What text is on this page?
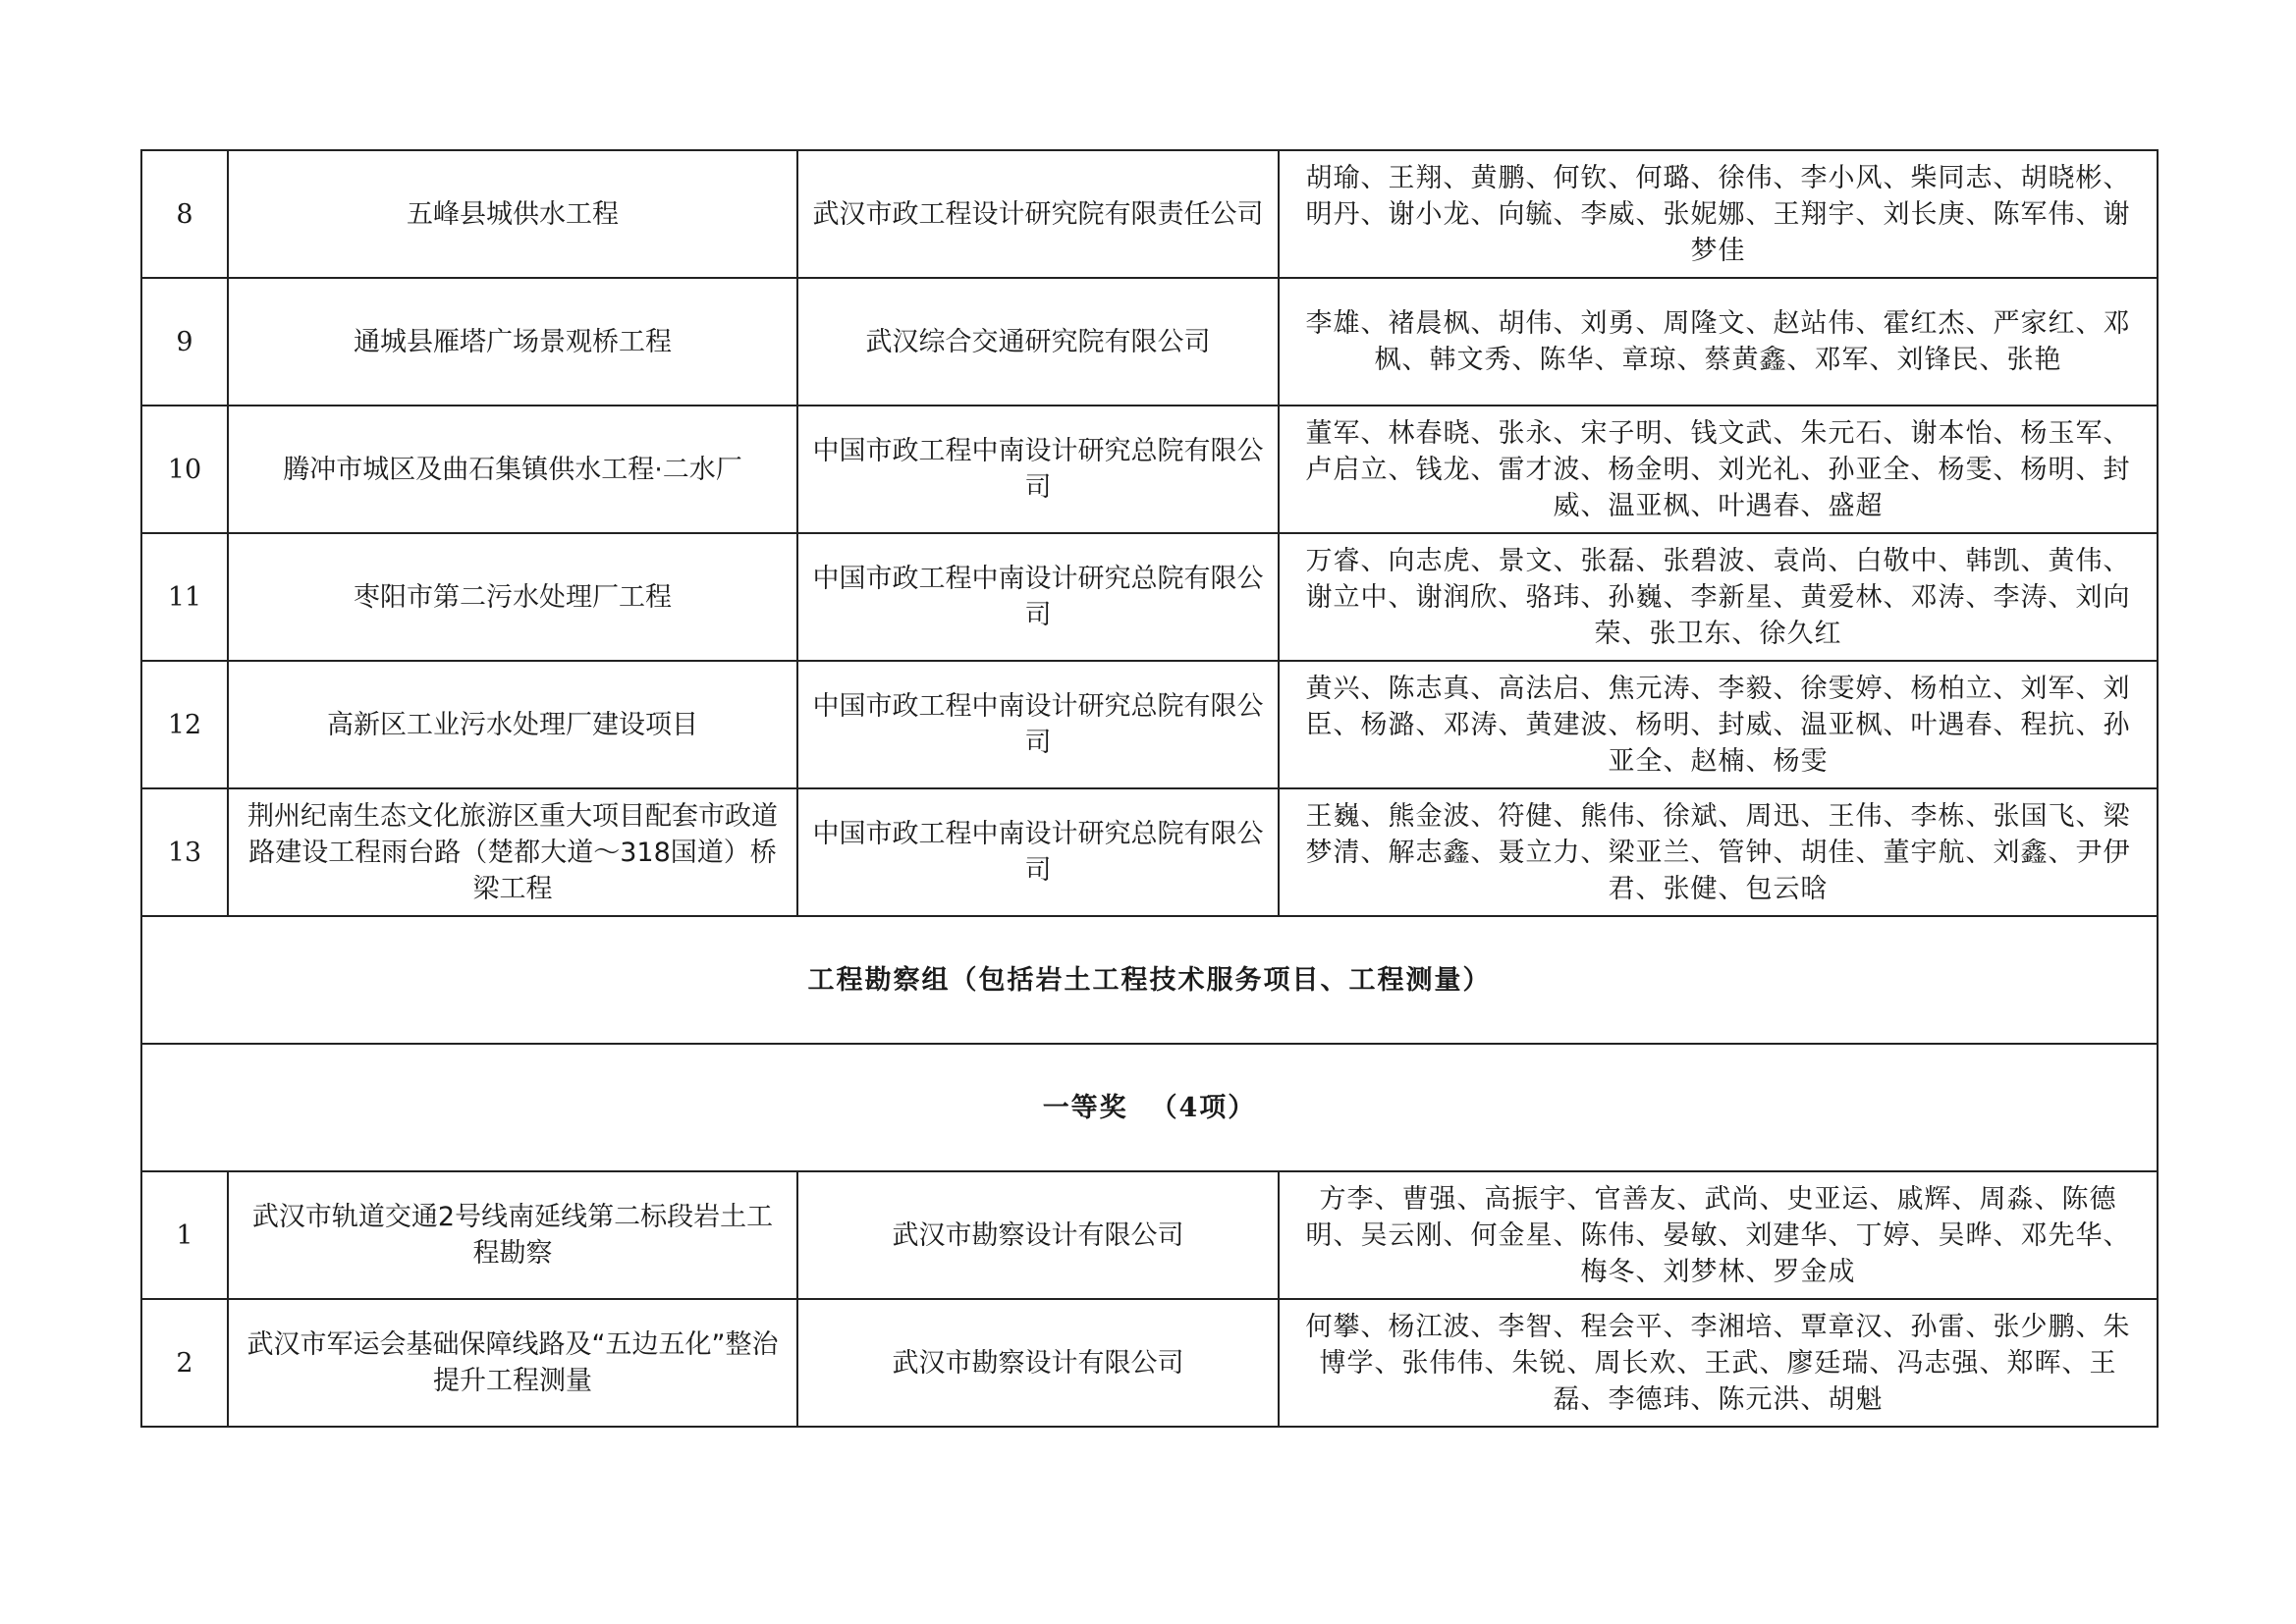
8	五峰县城供水工程	武汉市政工程设计研究院有限责任公司	胡瑜、王翔、黄鹏、何钦、何璐、徐伟、李小风、柴同志、胡晓彬、明丹、谢小龙、向毓、李威、张妮娜、王翔宇、刘长庚、陈军伟、谢梦佳
9	通城县雁塔广场景观桥工程	武汉综合交通研究院有限公司	李雄、褚晨枫、胡伟、刘勇、周隆文、赵站伟、霍红杰、严家红、邓枫、韩文秀、陈华、章琼、蔡黄鑫、邓军、刘锋民、张艳
10	腾冲市城区及曲石集镇供水工程·二水厂	中国市政工程中南设计研究总院有限公司	董军、林春晓、张永、宋子明、钱文武、朱元石、谢本怡、杨玉军、卢启立、钱龙、雷才波、杨金明、刘光礼、孙亚全、杨雯、杨明、封威、温亚枫、叶遇春、盛超
11	枣阳市第二污水处理厂工程	中国市政工程中南设计研究总院有限公司	万睿、向志虎、景文、张磊、张碧波、袁尚、白敬中、韩凯、黄伟、谢立中、谢润欣、骆玮、孙巍、李新星、黄爱林、邓涛、李涛、刘向荣、张卫东、徐久红
12	高新区工业污水处理厂建设项目	中国市政工程中南设计研究总院有限公司	黄兴、陈志真、高法启、焦元涛、李毅、徐雯婷、杨柏立、刘军、刘臣、杨潞、邓涛、黄建波、杨明、封威、温亚枫、叶遇春、程抗、孙亚全、赵楠、杨雯
13	荆州纪南生态文化旅游区重大项目配套市政道路建设工程雨台路（楚都大道～318国道）桥梁工程	中国市政工程中南设计研究总院有限公司	王巍、熊金波、符健、熊伟、徐斌、周迅、王伟、李栋、张国飞、梁梦清、解志鑫、聂立力、梁亚兰、管钟、胡佳、董宇航、刘鑫、尹伊君、张健、包云晗
工程勘察组（包括岩土工程技术服务项目、工程测量）			
一等奖 （4项）			
1	武汉市轨道交通2号线南延线第二标段岩土工程勘察	武汉市勘察设计有限公司	方李、曹强、高振宇、官善友、武尚、史亚运、戚辉、周淼、陈德明、吴云刚、何金星、陈伟、晏敏、刘建华、丁婷、吴晔、邓先华、梅冬、刘梦林、罗金成
2	武汉市军运会基础保障线路及“五边五化”整治提升工程测量	武汉市勘察设计有限公司	何攀、杨江波、李智、程会平、李湘培、覃章汉、孙雷、张少鹏、朱博学、张伟伟、朱锐、周长欢、王武、廖廷瑞、冯志强、郑晖、王磊、李德玮、陈元洪、胡魁
